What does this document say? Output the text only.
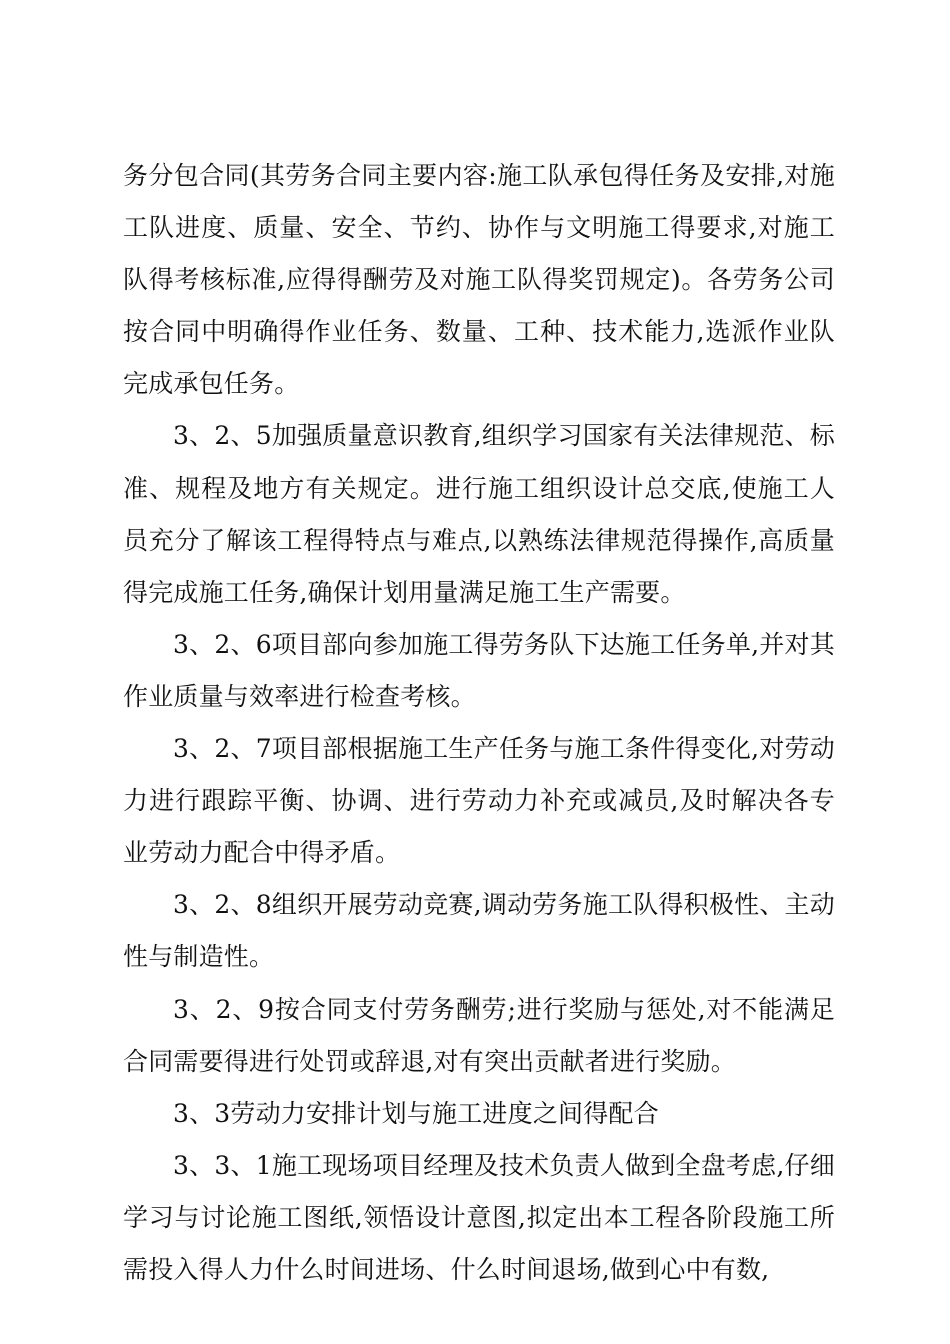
务分包合同(其劳务合同主要内容:施工队承包得任务及安排,对施工队进度、质量、安全、节约、协作与文明施工得要求,对施工队得考核标准,应得得酬劳及对施工队得奖罚规定)。各劳务公司按合同中明确得作业任务、数量、工种、技术能力,选派作业队完成承包任务。

3、2、5加强质量意识教育,组织学习国家有关法律规范、标准、规程及地方有关规定。进行施工组织设计总交底,使施工人员充分了解该工程得特点与难点,以熟练法律规范得操作,高质量得完成施工任务,确保计划用量满足施工生产需要。

3、2、6项目部向参加施工得劳务队下达施工任务单,并对其作业质量与效率进行检查考核。

3、2、7项目部根据施工生产任务与施工条件得变化,对劳动力进行跟踪平衡、协调、进行劳动力补充或减员,及时解决各专业劳动力配合中得矛盾。

3、2、8组织开展劳动竞赛,调动劳务施工队得积极性、主动性与制造性。

3、2、9按合同支付劳务酬劳;进行奖励与惩处,对不能满足合同需要得进行处罚或辞退,对有突出贡献者进行奖励。

3、3劳动力安排计划与施工进度之间得配合

3、3、1施工现场项目经理及技术负责人做到全盘考虑,仔细学习与讨论施工图纸,领悟设计意图,拟定出本工程各阶段施工所需投入得人力什么时间进场、什么时间退场,做到心中有数,
